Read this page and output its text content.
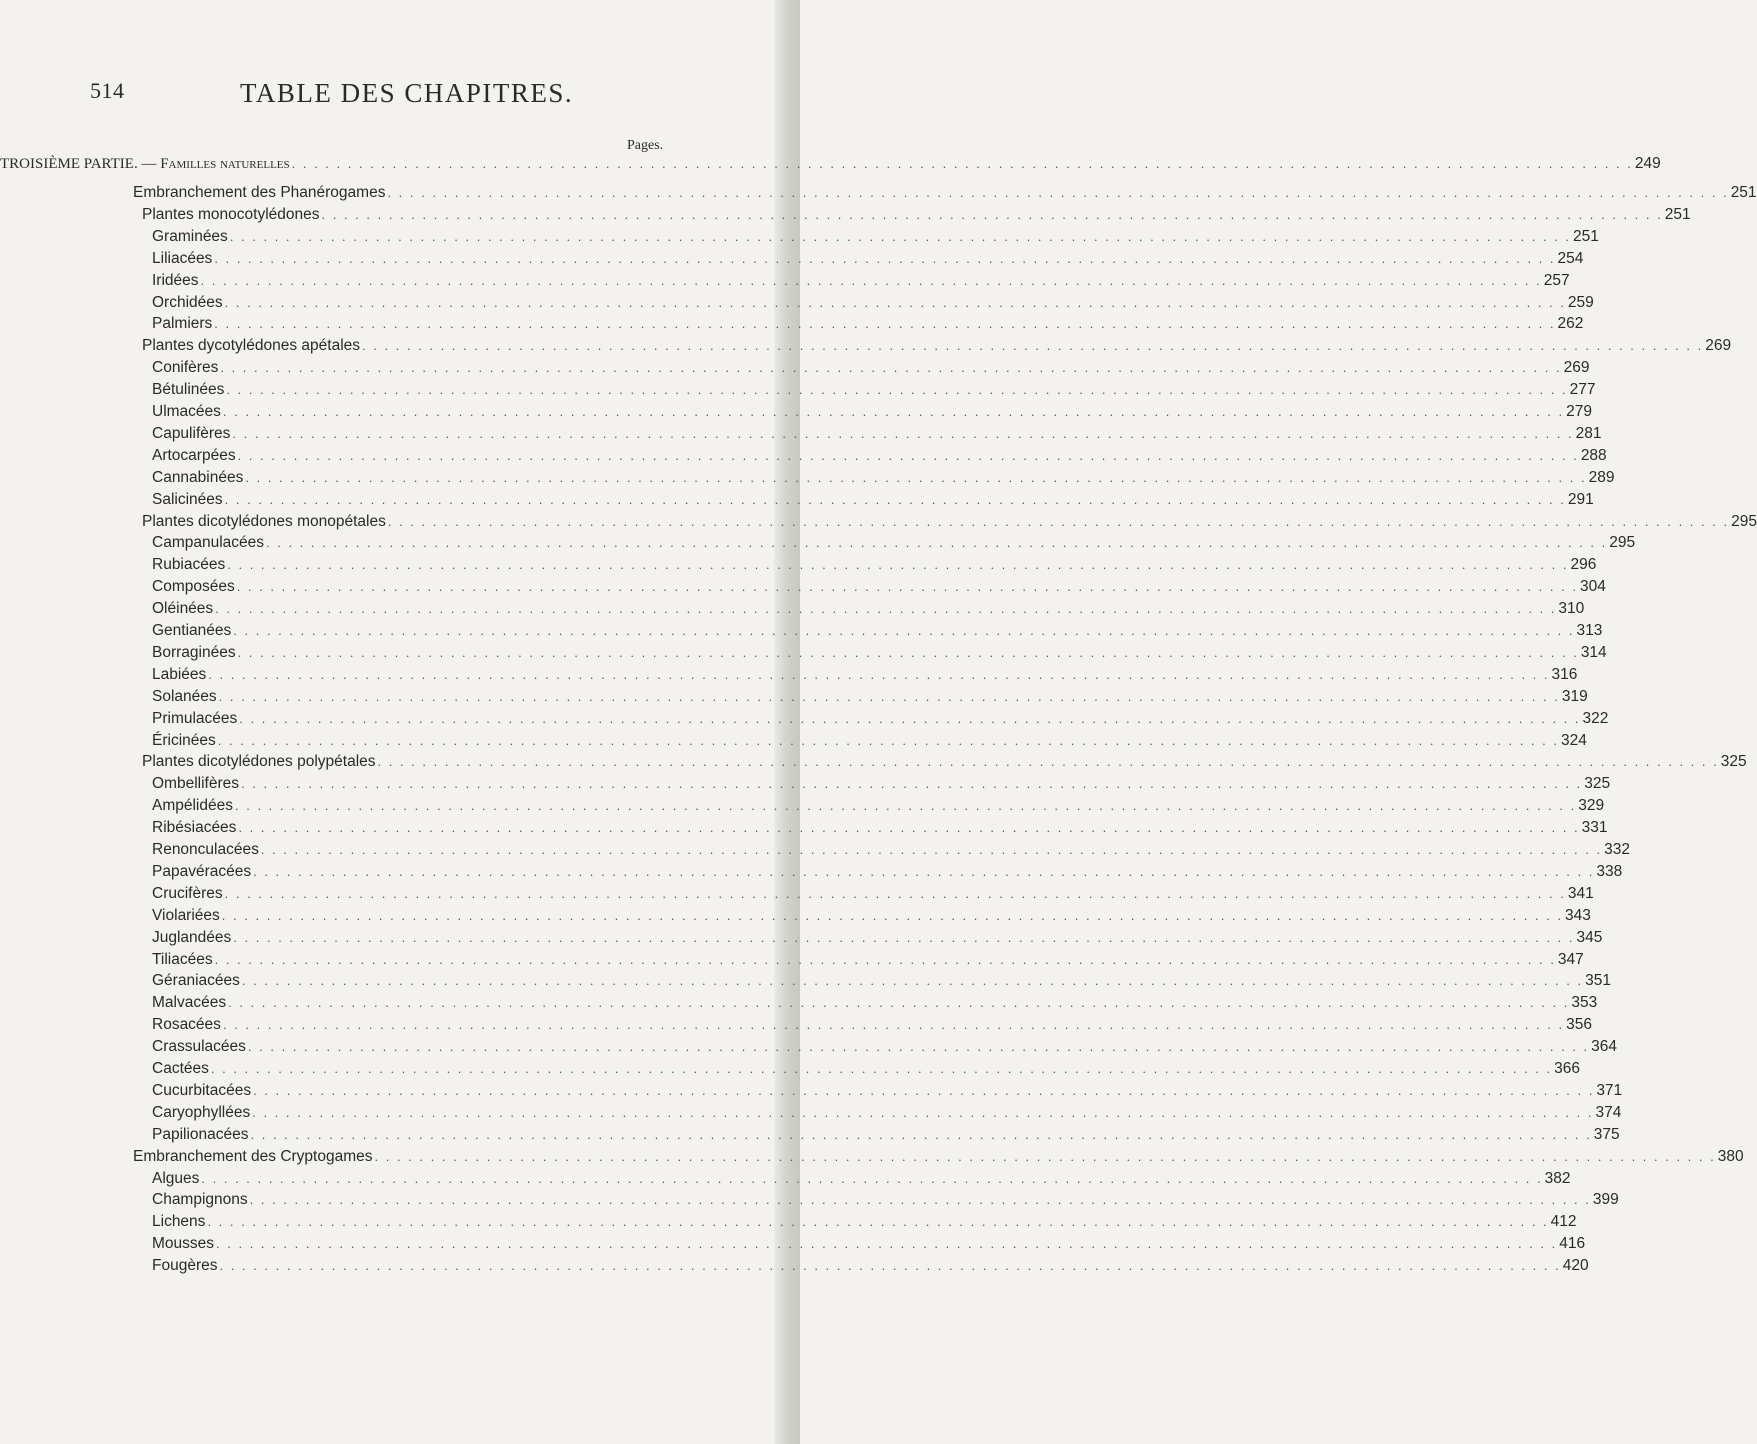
514	TABLE DES CHAPITRES.
Pages.
TROISIÈME PARTIE. — Familles naturelles . . . . . . . . . . . . . . . . . . . . . . . . . . . . . . . . . . . . . . . . . . . . . . . . . . . . . . . . . . . . . . . . . . . . . . . . . . . . . . . . . . . . . . . . . . . . . . . . . . . . . . . . . . . . . . . . . . . . . . . . 249
Embranchement des Phanérogames . . . . . . . . . . . . . . . . . . . . . . . . . . . . . . . . . . . . . . . . . . . . . . . . . . . . . . . . . . . . . . . . . . . . . . . . . . . . . . . . . . . . . . . . . . . . . . . . . . . . . . . . . . . . . . . . . . . . . . . . 251
Plantes monocotylédones . . . . . . . . . . . . . . . . . . . . . . . . . . . . . . . . . . . . . . . . . . . . . . . . . . . . . . . . . . . . . . . . . . . . . . . . . . . . . . . . . . . . . . . . . . . . . . . . . . . . . . . . . . . . . . . . . . . . . . . . 251
Graminées . . . . . . . . . . . . . . . . . . . . . . . . . . . . . . . . . . . . . . . . . . . . . . . . . . . . . . . . . . . . . . . . . . . . . . . . . . . . . . . . . . . . . . . . . . . . . . . . . . . . . . . . . . . . . . . . . . . . . . . . 251
Liliacées . . . . . . . . . . . . . . . . . . . . . . . . . . . . . . . . . . . . . . . . . . . . . . . . . . . . . . . . . . . . . . . . . . . . . . . . . . . . . . . . . . . . . . . . . . . . . . . . . . . . . . . . . . . . . . . . . . . . . . . . 254
Iridées . . . . . . . . . . . . . . . . . . . . . . . . . . . . . . . . . . . . . . . . . . . . . . . . . . . . . . . . . . . . . . . . . . . . . . . . . . . . . . . . . . . . . . . . . . . . . . . . . . . . . . . . . . . . . . . . . . . . . . . . 257
Orchidées . . . . . . . . . . . . . . . . . . . . . . . . . . . . . . . . . . . . . . . . . . . . . . . . . . . . . . . . . . . . . . . . . . . . . . . . . . . . . . . . . . . . . . . . . . . . . . . . . . . . . . . . . . . . . . . . . . . . . . . . 259
Palmiers . . . . . . . . . . . . . . . . . . . . . . . . . . . . . . . . . . . . . . . . . . . . . . . . . . . . . . . . . . . . . . . . . . . . . . . . . . . . . . . . . . . . . . . . . . . . . . . . . . . . . . . . . . . . . . . . . . . . . . . . 262
Plantes dycotylédones apétales . . . . . . . . . . . . . . . . . . . . . . . . . . . . . . . . . . . . . . . . . . . . . . . . . . . . . . . . . . . . . . . . . . . . . . . . . . . . . . . . . . . . . . . . . . . . . . . . . . . . . . . . . . . . . . . . . . . . . . . . 269
Conifères . . . . . . . . . . . . . . . . . . . . . . . . . . . . . . . . . . . . . . . . . . . . . . . . . . . . . . . . . . . . . . . . . . . . . . . . . . . . . . . . . . . . . . . . . . . . . . . . . . . . . . . . . . . . . . . . . . . . . . . . 269
Bétulinées . . . . . . . . . . . . . . . . . . . . . . . . . . . . . . . . . . . . . . . . . . . . . . . . . . . . . . . . . . . . . . . . . . . . . . . . . . . . . . . . . . . . . . . . . . . . . . . . . . . . . . . . . . . . . . . . . . . . . . . . 277
Ulmacées . . . . . . . . . . . . . . . . . . . . . . . . . . . . . . . . . . . . . . . . . . . . . . . . . . . . . . . . . . . . . . . . . . . . . . . . . . . . . . . . . . . . . . . . . . . . . . . . . . . . . . . . . . . . . . . . . . . . . . . . 279
Capulifères . . . . . . . . . . . . . . . . . . . . . . . . . . . . . . . . . . . . . . . . . . . . . . . . . . . . . . . . . . . . . . . . . . . . . . . . . . . . . . . . . . . . . . . . . . . . . . . . . . . . . . . . . . . . . . . . . . . . . . . . 281
Artocarpées . . . . . . . . . . . . . . . . . . . . . . . . . . . . . . . . . . . . . . . . . . . . . . . . . . . . . . . . . . . . . . . . . . . . . . . . . . . . . . . . . . . . . . . . . . . . . . . . . . . . . . . . . . . . . . . . . . . . . . . . 288
Cannabinées . . . . . . . . . . . . . . . . . . . . . . . . . . . . . . . . . . . . . . . . . . . . . . . . . . . . . . . . . . . . . . . . . . . . . . . . . . . . . . . . . . . . . . . . . . . . . . . . . . . . . . . . . . . . . . . . . . . . . . . . 289
Salicinées . . . . . . . . . . . . . . . . . . . . . . . . . . . . . . . . . . . . . . . . . . . . . . . . . . . . . . . . . . . . . . . . . . . . . . . . . . . . . . . . . . . . . . . . . . . . . . . . . . . . . . . . . . . . . . . . . . . . . . . . 291
Plantes dicotylédones monopétales . . . . . . . . . . . . . . . . . . . . . . . . . . . . . . . . . . . . . . . . . . . . . . . . . . . . . . . . . . . . . . . . . . . . . . . . . . . . . . . . . . . . . . . . . . . . . . . . . . . . . . . . . . . . . . . . . . . . . . . . 295
Campanulacées . . . . . . . . . . . . . . . . . . . . . . . . . . . . . . . . . . . . . . . . . . . . . . . . . . . . . . . . . . . . . . . . . . . . . . . . . . . . . . . . . . . . . . . . . . . . . . . . . . . . . . . . . . . . . . . . . . . . . . . . 295
Rubiacées . . . . . . . . . . . . . . . . . . . . . . . . . . . . . . . . . . . . . . . . . . . . . . . . . . . . . . . . . . . . . . . . . . . . . . . . . . . . . . . . . . . . . . . . . . . . . . . . . . . . . . . . . . . . . . . . . . . . . . . . 296
Composées . . . . . . . . . . . . . . . . . . . . . . . . . . . . . . . . . . . . . . . . . . . . . . . . . . . . . . . . . . . . . . . . . . . . . . . . . . . . . . . . . . . . . . . . . . . . . . . . . . . . . . . . . . . . . . . . . . . . . . . . 304
Oléinées . . . . . . . . . . . . . . . . . . . . . . . . . . . . . . . . . . . . . . . . . . . . . . . . . . . . . . . . . . . . . . . . . . . . . . . . . . . . . . . . . . . . . . . . . . . . . . . . . . . . . . . . . . . . . . . . . . . . . . . . 310
Gentianées . . . . . . . . . . . . . . . . . . . . . . . . . . . . . . . . . . . . . . . . . . . . . . . . . . . . . . . . . . . . . . . . . . . . . . . . . . . . . . . . . . . . . . . . . . . . . . . . . . . . . . . . . . . . . . . . . . . . . . . . 313
Borraginées . . . . . . . . . . . . . . . . . . . . . . . . . . . . . . . . . . . . . . . . . . . . . . . . . . . . . . . . . . . . . . . . . . . . . . . . . . . . . . . . . . . . . . . . . . . . . . . . . . . . . . . . . . . . . . . . . . . . . . . . 314
Labiées . . . . . . . . . . . . . . . . . . . . . . . . . . . . . . . . . . . . . . . . . . . . . . . . . . . . . . . . . . . . . . . . . . . . . . . . . . . . . . . . . . . . . . . . . . . . . . . . . . . . . . . . . . . . . . . . . . . . . . . . 316
Solanées . . . . . . . . . . . . . . . . . . . . . . . . . . . . . . . . . . . . . . . . . . . . . . . . . . . . . . . . . . . . . . . . . . . . . . . . . . . . . . . . . . . . . . . . . . . . . . . . . . . . . . . . . . . . . . . . . . . . . . . . 319
Primulacées . . . . . . . . . . . . . . . . . . . . . . . . . . . . . . . . . . . . . . . . . . . . . . . . . . . . . . . . . . . . . . . . . . . . . . . . . . . . . . . . . . . . . . . . . . . . . . . . . . . . . . . . . . . . . . . . . . . . . . . . 322
Éricinées . . . . . . . . . . . . . . . . . . . . . . . . . . . . . . . . . . . . . . . . . . . . . . . . . . . . . . . . . . . . . . . . . . . . . . . . . . . . . . . . . . . . . . . . . . . . . . . . . . . . . . . . . . . . . . . . . . . . . . . . 324
Plantes dicotylédones polypétales . . . . . . . . . . . . . . . . . . . . . . . . . . . . . . . . . . . . . . . . . . . . . . . . . . . . . . . . . . . . . . . . . . . . . . . . . . . . . . . . . . . . . . . . . . . . . . . . . . . . . . . . . . . . . . . . . . . . . . . . 325
Ombellifères . . . . . . . . . . . . . . . . . . . . . . . . . . . . . . . . . . . . . . . . . . . . . . . . . . . . . . . . . . . . . . . . . . . . . . . . . . . . . . . . . . . . . . . . . . . . . . . . . . . . . . . . . . . . . . . . . . . . . . . . 325
Ampélidées . . . . . . . . . . . . . . . . . . . . . . . . . . . . . . . . . . . . . . . . . . . . . . . . . . . . . . . . . . . . . . . . . . . . . . . . . . . . . . . . . . . . . . . . . . . . . . . . . . . . . . . . . . . . . . . . . . . . . . . . 329
Ribésiacées . . . . . . . . . . . . . . . . . . . . . . . . . . . . . . . . . . . . . . . . . . . . . . . . . . . . . . . . . . . . . . . . . . . . . . . . . . . . . . . . . . . . . . . . . . . . . . . . . . . . . . . . . . . . . . . . . . . . . . . . 331
Renonculacées . . . . . . . . . . . . . . . . . . . . . . . . . . . . . . . . . . . . . . . . . . . . . . . . . . . . . . . . . . . . . . . . . . . . . . . . . . . . . . . . . . . . . . . . . . . . . . . . . . . . . . . . . . . . . . . . . . . . . . . . 332
Papavéracées . . . . . . . . . . . . . . . . . . . . . . . . . . . . . . . . . . . . . . . . . . . . . . . . . . . . . . . . . . . . . . . . . . . . . . . . . . . . . . . . . . . . . . . . . . . . . . . . . . . . . . . . . . . . . . . . . . . . . . . . 338
Crucifères . . . . . . . . . . . . . . . . . . . . . . . . . . . . . . . . . . . . . . . . . . . . . . . . . . . . . . . . . . . . . . . . . . . . . . . . . . . . . . . . . . . . . . . . . . . . . . . . . . . . . . . . . . . . . . . . . . . . . . . . 341
Violariées . . . . . . . . . . . . . . . . . . . . . . . . . . . . . . . . . . . . . . . . . . . . . . . . . . . . . . . . . . . . . . . . . . . . . . . . . . . . . . . . . . . . . . . . . . . . . . . . . . . . . . . . . . . . . . . . . . . . . . . . 343
Juglandées . . . . . . . . . . . . . . . . . . . . . . . . . . . . . . . . . . . . . . . . . . . . . . . . . . . . . . . . . . . . . . . . . . . . . . . . . . . . . . . . . . . . . . . . . . . . . . . . . . . . . . . . . . . . . . . . . . . . . . . . 345
Tiliacées . . . . . . . . . . . . . . . . . . . . . . . . . . . . . . . . . . . . . . . . . . . . . . . . . . . . . . . . . . . . . . . . . . . . . . . . . . . . . . . . . . . . . . . . . . . . . . . . . . . . . . . . . . . . . . . . . . . . . . . . 347
Géraniacées . . . . . . . . . . . . . . . . . . . . . . . . . . . . . . . . . . . . . . . . . . . . . . . . . . . . . . . . . . . . . . . . . . . . . . . . . . . . . . . . . . . . . . . . . . . . . . . . . . . . . . . . . . . . . . . . . . . . . . . . 351
Malvacées . . . . . . . . . . . . . . . . . . . . . . . . . . . . . . . . . . . . . . . . . . . . . . . . . . . . . . . . . . . . . . . . . . . . . . . . . . . . . . . . . . . . . . . . . . . . . . . . . . . . . . . . . . . . . . . . . . . . . . . . 353
Rosacées . . . . . . . . . . . . . . . . . . . . . . . . . . . . . . . . . . . . . . . . . . . . . . . . . . . . . . . . . . . . . . . . . . . . . . . . . . . . . . . . . . . . . . . . . . . . . . . . . . . . . . . . . . . . . . . . . . . . . . . . 356
Crassulacées . . . . . . . . . . . . . . . . . . . . . . . . . . . . . . . . . . . . . . . . . . . . . . . . . . . . . . . . . . . . . . . . . . . . . . . . . . . . . . . . . . . . . . . . . . . . . . . . . . . . . . . . . . . . . . . . . . . . . . . . 364
Cactées . . . . . . . . . . . . . . . . . . . . . . . . . . . . . . . . . . . . . . . . . . . . . . . . . . . . . . . . . . . . . . . . . . . . . . . . . . . . . . . . . . . . . . . . . . . . . . . . . . . . . . . . . . . . . . . . . . . . . . . . 366
Cucurbitacées . . . . . . . . . . . . . . . . . . . . . . . . . . . . . . . . . . . . . . . . . . . . . . . . . . . . . . . . . . . . . . . . . . . . . . . . . . . . . . . . . . . . . . . . . . . . . . . . . . . . . . . . . . . . . . . . . . . . . . . . 371
Caryophyllées . . . . . . . . . . . . . . . . . . . . . . . . . . . . . . . . . . . . . . . . . . . . . . . . . . . . . . . . . . . . . . . . . . . . . . . . . . . . . . . . . . . . . . . . . . . . . . . . . . . . . . . . . . . . . . . . . . . . . . . . 374
Papilionacées . . . . . . . . . . . . . . . . . . . . . . . . . . . . . . . . . . . . . . . . . . . . . . . . . . . . . . . . . . . . . . . . . . . . . . . . . . . . . . . . . . . . . . . . . . . . . . . . . . . . . . . . . . . . . . . . . . . . . . . . 375
Embranchement des Cryptogames . . . . . . . . . . . . . . . . . . . . . . . . . . . . . . . . . . . . . . . . . . . . . . . . . . . . . . . . . . . . . . . . . . . . . . . . . . . . . . . . . . . . . . . . . . . . . . . . . . . . . . . . . . . . . . . . . . . . . . . . 380
Algues . . . . . . . . . . . . . . . . . . . . . . . . . . . . . . . . . . . . . . . . . . . . . . . . . . . . . . . . . . . . . . . . . . . . . . . . . . . . . . . . . . . . . . . . . . . . . . . . . . . . . . . . . . . . . . . . . . . . . . . . 382
Champignons . . . . . . . . . . . . . . . . . . . . . . . . . . . . . . . . . . . . . . . . . . . . . . . . . . . . . . . . . . . . . . . . . . . . . . . . . . . . . . . . . . . . . . . . . . . . . . . . . . . . . . . . . . . . . . . . . . . . . . . . 399
Lichens . . . . . . . . . . . . . . . . . . . . . . . . . . . . . . . . . . . . . . . . . . . . . . . . . . . . . . . . . . . . . . . . . . . . . . . . . . . . . . . . . . . . . . . . . . . . . . . . . . . . . . . . . . . . . . . . . . . . . . . . 412
Mousses . . . . . . . . . . . . . . . . . . . . . . . . . . . . . . . . . . . . . . . . . . . . . . . . . . . . . . . . . . . . . . . . . . . . . . . . . . . . . . . . . . . . . . . . . . . . . . . . . . . . . . . . . . . . . . . . . . . . . . . . 416
Fougères . . . . . . . . . . . . . . . . . . . . . . . . . . . . . . . . . . . . . . . . . . . . . . . . . . . . . . . . . . . . . . . . . . . . . . . . . . . . . . . . . . . . . . . . . . . . . . . . . . . . . . . . . . . . . . . . . . . . . . . . 420
